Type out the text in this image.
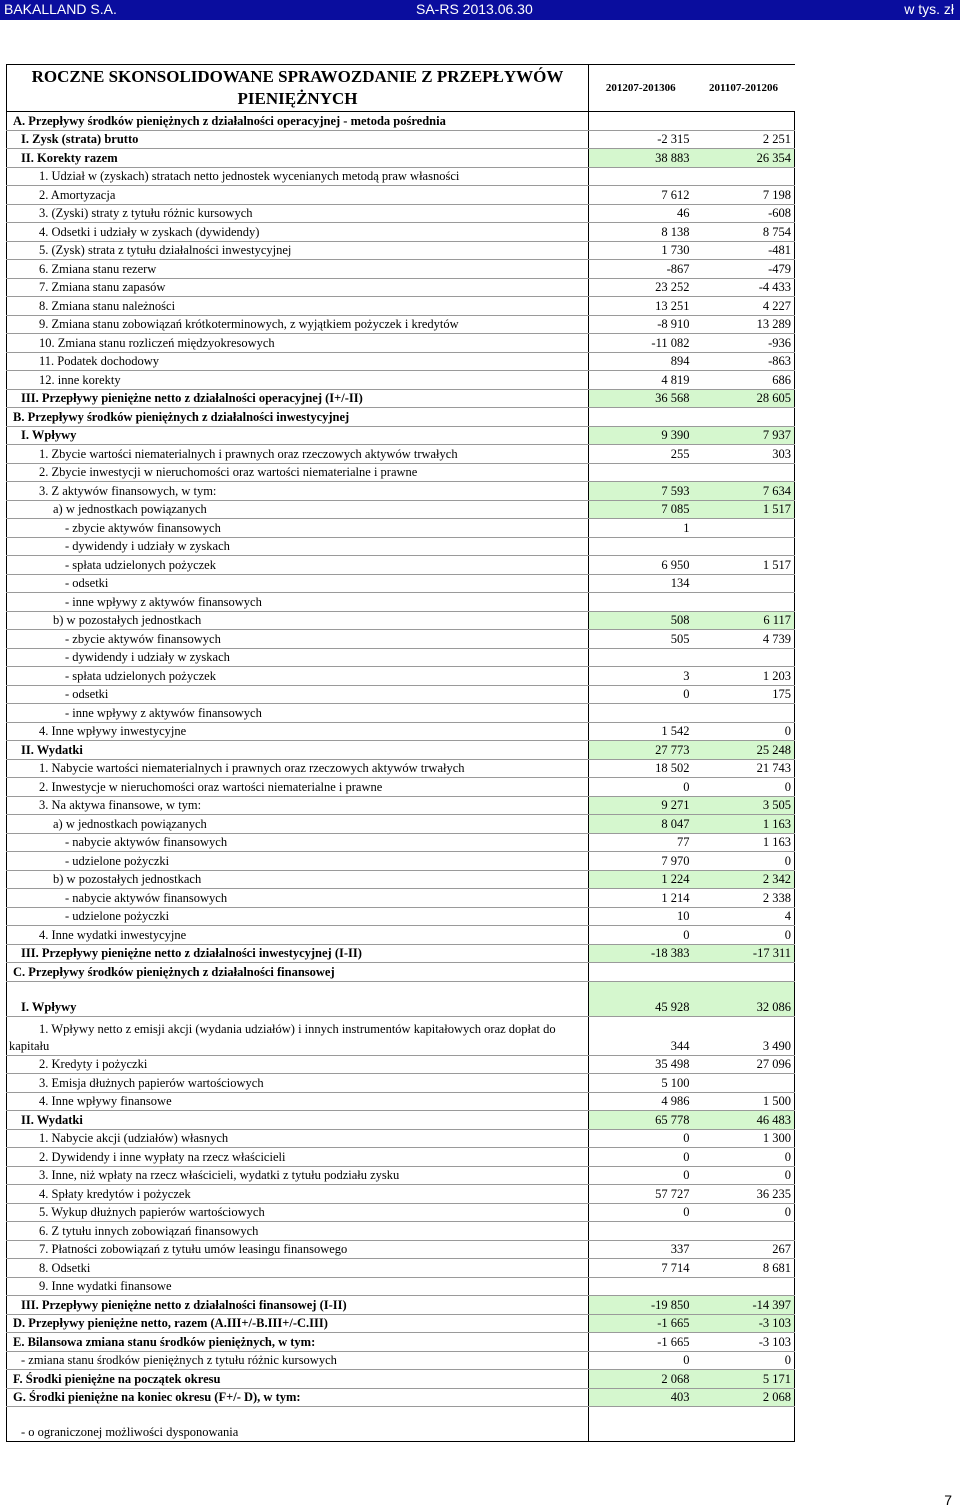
BAKALLAND S.A.	SA-RS 2013.06.30	w tys. zł
ROCZNE SKONSOLIDOWANE SPRAWOZDANIE Z PRZEPŁYWÓW PIENIĘŻNYCH	201207-201306	201107-201206
A. Przepływy środków pieniężnych z działalności operacyjnej - metoda pośrednia		
I. Zysk (strata) brutto	-2 315	2 251
II. Korekty razem	38 883	26 354
1. Udział w (zyskach) stratach netto jednostek wycenianych metodą praw własności		
2. Amortyzacja	7 612	7 198
3. (Zyski) straty z tytułu różnic kursowych	46	-608
4. Odsetki i udziały w zyskach (dywidendy)	8 138	8 754
5. (Zysk) strata z tytułu działalności inwestycyjnej	1 730	-481
6. Zmiana stanu rezerw	-867	-479
7. Zmiana stanu zapasów	23 252	-4 433
8. Zmiana stanu należności	13 251	4 227
9. Zmiana stanu zobowiązań krótkoterminowych, z wyjątkiem pożyczek i kredytów	-8 910	13 289
10. Zmiana stanu rozliczeń międzyokresowych	-11 082	-936
11. Podatek dochodowy	894	-863
12. inne korekty	4 819	686
III. Przepływy pieniężne netto z działalności operacyjnej (I+/-II)	36 568	28 605
B. Przepływy środków pieniężnych z działalności inwestycyjnej		
I. Wpływy	9 390	7 937
1. Zbycie wartości niematerialnych i prawnych oraz rzeczowych aktywów trwałych	255	303
2. Zbycie inwestycji w nieruchomości oraz wartości niematerialne i prawne		
3. Z aktywów finansowych, w tym:	7 593	7 634
a) w jednostkach powiązanych	7 085	1 517
- zbycie aktywów finansowych	1	
- dywidendy i udziały w zyskach		
- spłata udzielonych pożyczek	6 950	1 517
- odsetki	134	
- inne wpływy z aktywów finansowych		
b) w pozostałych jednostkach	508	6 117
- zbycie aktywów finansowych	505	4 739
- dywidendy i udziały w zyskach		
- spłata udzielonych pożyczek	3	1 203
- odsetki	0	175
- inne wpływy z aktywów finansowych		
4. Inne wpływy inwestycyjne	1 542	0
II. Wydatki	27 773	25 248
1. Nabycie wartości niematerialnych i prawnych oraz rzeczowych aktywów trwałych	18 502	21 743
2. Inwestycje w nieruchomości oraz wartości niematerialne i prawne	0	0
3. Na aktywa finansowe, w tym:	9 271	3 505
a) w jednostkach powiązanych	8 047	1 163
- nabycie aktywów finansowych	77	1 163
- udzielone pożyczki	7 970	0
b) w pozostałych jednostkach	1 224	2 342
- nabycie aktywów finansowych	1 214	2 338
- udzielone pożyczki	10	4
4. Inne wydatki inwestycyjne	0	0
III. Przepływy pieniężne netto z działalności inwestycyjnej (I-II)	-18 383	-17 311
C. Przepływy środków pieniężnych z działalności finansowej		
I. Wpływy	45 928	32 086
1. Wpływy netto z emisji akcji (wydania udziałów) i innych instrumentów kapitałowych oraz dopłat do kapitału	344	3 490
2. Kredyty i pożyczki	35 498	27 096
3. Emisja dłużnych papierów wartościowych	5 100	
4. Inne wpływy finansowe	4 986	1 500
II. Wydatki	65 778	46 483
1. Nabycie akcji (udziałów) własnych	0	1 300
2. Dywidendy i inne wypłaty na rzecz właścicieli	0	0
3. Inne, niż wpłaty na rzecz właścicieli, wydatki z tytułu podziału zysku	0	0
4. Spłaty kredytów i pożyczek	57 727	36 235
5. Wykup dłużnych papierów wartościowych	0	0
6. Z tytułu innych zobowiązań finansowych		
7. Płatności zobowiązań z tytułu umów leasingu finansowego	337	267
8. Odsetki	7 714	8 681
9. Inne wydatki finansowe		
III. Przepływy pieniężne netto z działalności finansowej (I-II)	-19 850	-14 397
D. Przepływy pieniężne netto, razem (A.III+/-B.III+/-C.III)	-1 665	-3 103
E. Bilansowa zmiana stanu środków pieniężnych, w tym:	-1 665	-3 103
- zmiana stanu środków pieniężnych z tytułu różnic kursowych	0	0
F. Środki pieniężne na początek okresu	2 068	5 171
G. Środki pieniężne na koniec okresu (F+/- D), w tym:	403	2 068
- o ograniczonej możliwości dysponowania		
7
